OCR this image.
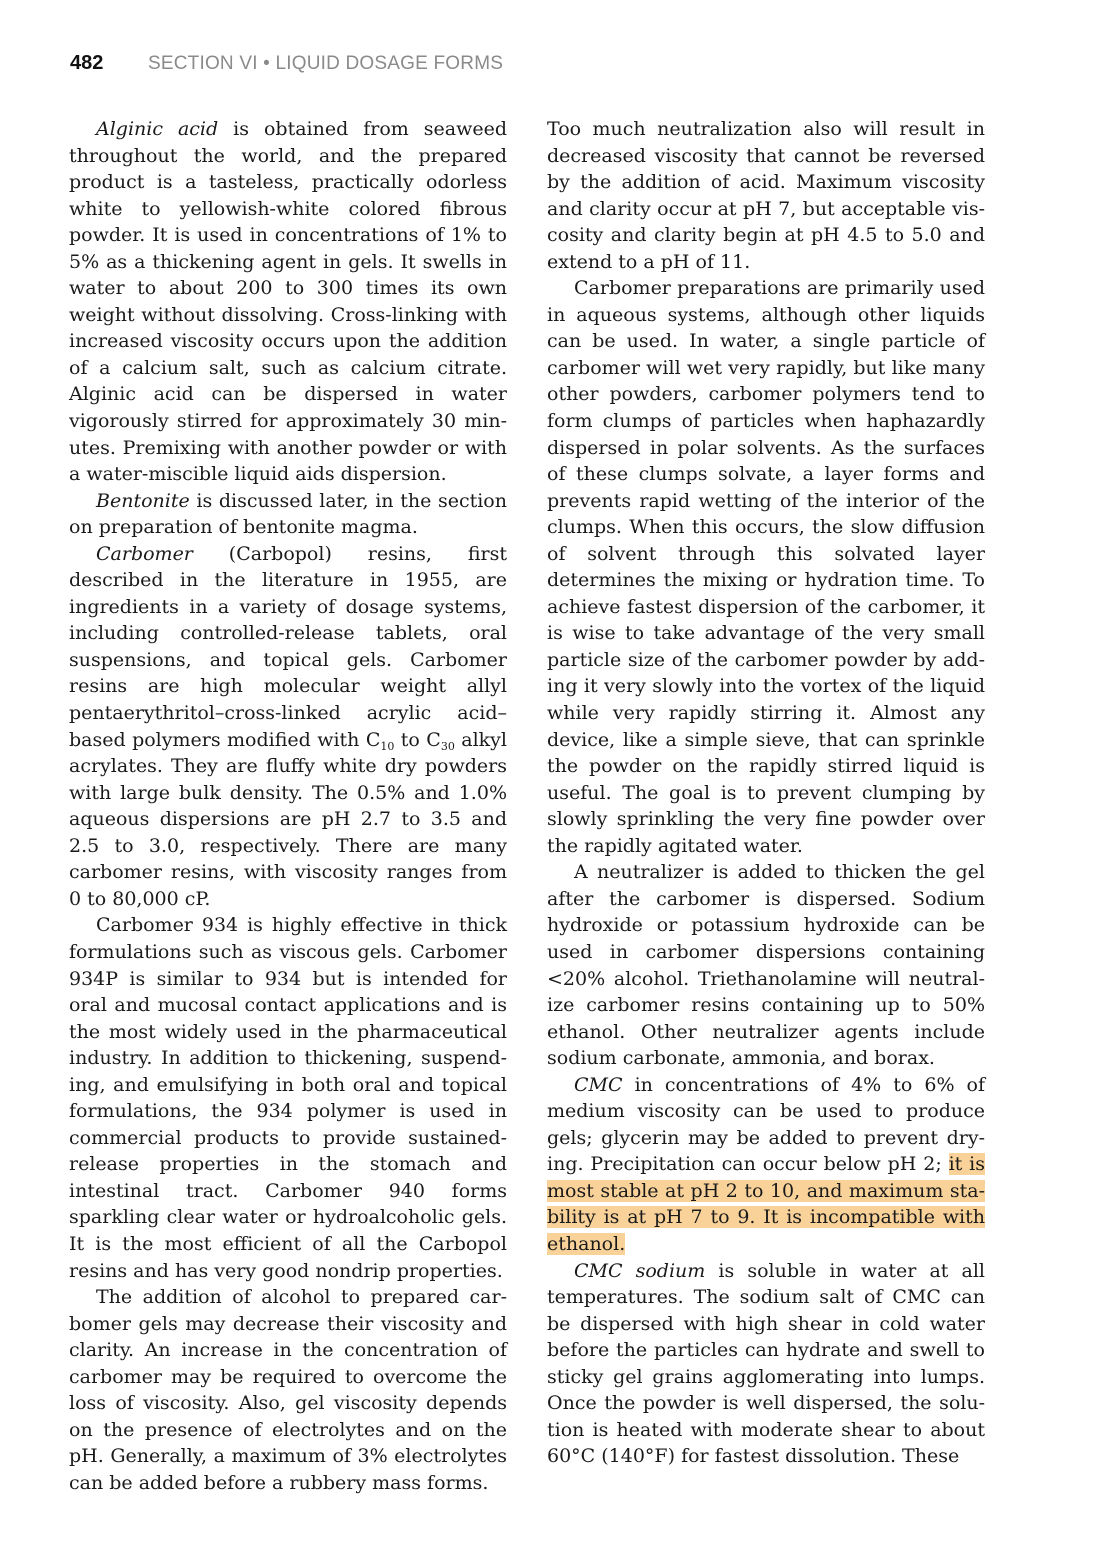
482	SECTION VI • LIQUID DOSAGE FORMS

Alginic acid is obtained from seaweed throughout the world, and the prepared product is a tasteless, practically odorless white to yellowish-white colored fibrous powder. It is used in concentrations of 1% to 5% as a thickening agent in gels. It swells in water to about 200 to 300 times its own weight without dissolving. Cross-linking with increased viscosity occurs upon the addition of a calcium salt, such as calcium citrate. Alginic acid can be dispersed in water vigorously stirred for approximately 30 minutes. Premixing with another powder or with a water-miscible liquid aids dispersion.

Bentonite is discussed later, in the section on preparation of bentonite magma.

Carbomer (Carbopol) resins, first described in the literature in 1955, are ingredients in a variety of dosage systems, including controlled-release tablets, oral suspensions, and topical gels. Carbomer resins are high molecular weight allyl pentaerythritol–cross-linked acrylic acid–based polymers modified with $C_{10}$ to $C_{30}$ alkyl acrylates. They are fluffy white dry powders with large bulk density. The 0.5% and 1.0% aqueous dispersions are pH 2.7 to 3.5 and 2.5 to 3.0, respectively. There are many carbomer resins, with viscosity ranges from 0 to 80,000 cP.

Carbomer 934 is highly effective in thick formulations such as viscous gels. Carbomer 934P is similar to 934 but is intended for oral and mucosal contact applications and is the most widely used in the pharmaceutical industry. In addition to thickening, suspending, and emulsifying in both oral and topical formulations, the 934 polymer is used in commercial products to provide sustained-release properties in the stomach and intestinal tract. Carbomer 940 forms sparkling clear water or hydroalcoholic gels. It is the most efficient of all the Carbopol resins and has very good nondrip properties.

The addition of alcohol to prepared carbomer gels may decrease their viscosity and clarity. An increase in the concentration of carbomer may be required to overcome the loss of viscosity. Also, gel viscosity depends on the presence of electrolytes and on the pH. Generally, a maximum of 3% electrolytes can be added before a rubbery mass forms.

Too much neutralization also will result in decreased viscosity that cannot be reversed by the addition of acid. Maximum viscosity and clarity occur at pH 7, but acceptable viscosity and clarity begin at pH 4.5 to 5.0 and extend to a pH of 11.

Carbomer preparations are primarily used in aqueous systems, although other liquids can be used. In water, a single particle of carbomer will wet very rapidly, but like many other powders, carbomer polymers tend to form clumps of particles when haphazardly dispersed in polar solvents. As the surfaces of these clumps solvate, a layer forms and prevents rapid wetting of the interior of the clumps. When this occurs, the slow diffusion of solvent through this solvated layer determines the mixing or hydration time. To achieve fastest dispersion of the carbomer, it is wise to take advantage of the very small particle size of the carbomer powder by adding it very slowly into the vortex of the liquid while very rapidly stirring it. Almost any device, like a simple sieve, that can sprinkle the powder on the rapidly stirred liquid is useful. The goal is to prevent clumping by slowly sprinkling the very fine powder over the rapidly agitated water.

A neutralizer is added to thicken the gel after the carbomer is dispersed. Sodium hydroxide or potassium hydroxide can be used in carbomer dispersions containing <20% alcohol. Triethanolamine will neutralize carbomer resins containing up to 50% ethanol. Other neutralizer agents include sodium carbonate, ammonia, and borax.

CMC in concentrations of 4% to 6% of medium viscosity can be used to produce gels; glycerin may be added to prevent drying. Precipitation can occur below pH 2; it is most stable at pH 2 to 10, and maximum stability is at pH 7 to 9. It is incompatible with ethanol.

CMC sodium is soluble in water at all temperatures. The sodium salt of CMC can be dispersed with high shear in cold water before the particles can hydrate and swell to sticky gel grains agglomerating into lumps. Once the powder is well dispersed, the solution is heated with moderate shear to about 60°C (140°F) for fastest dissolution. These
